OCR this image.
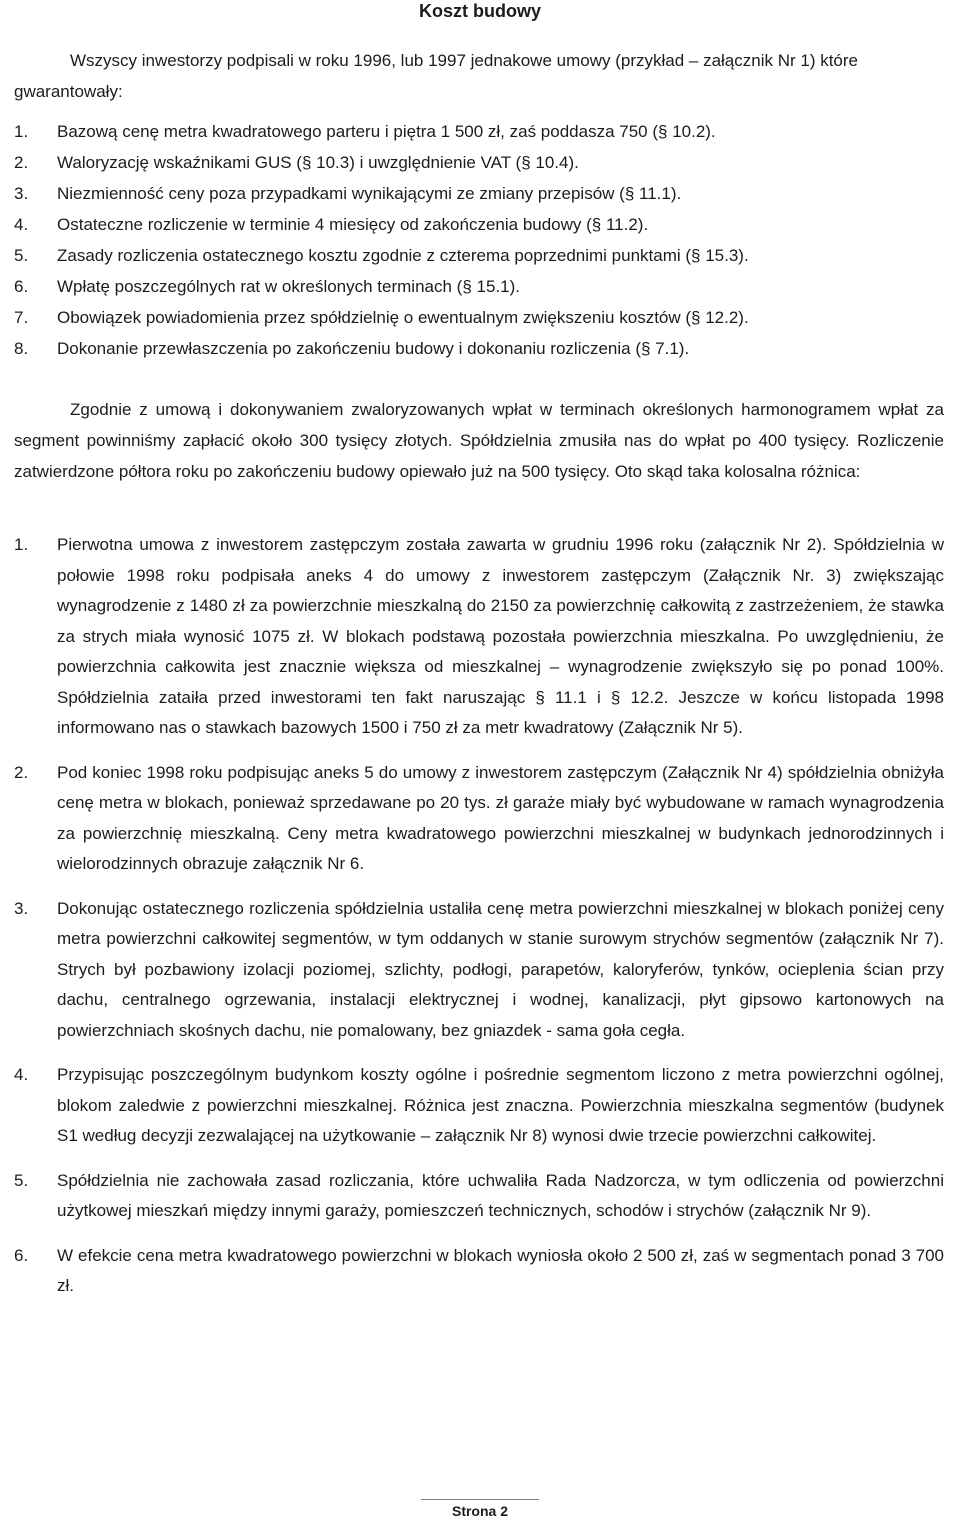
Koszt budowy

Wszyscy inwestorzy podpisali w roku 1996, lub 1997 jednakowe umowy (przykład – załącznik Nr 1) które gwarantowały:

1.	Bazową cenę metra kwadratowego parteru i piętra 1 500 zł, zaś poddasza 750 (§ 10.2).
2.	Waloryzację wskaźnikami GUS (§ 10.3) i uwzględnienie VAT (§ 10.4).
3.	Niezmienność ceny poza przypadkami wynikającymi ze zmiany przepisów (§ 11.1).
4.	Ostateczne rozliczenie w terminie 4 miesięcy od zakończenia budowy (§ 11.2).
5.	Zasady rozliczenia ostatecznego kosztu zgodnie z czterema poprzednimi punktami (§ 15.3).
6.	Wpłatę poszczególnych rat w określonych terminach (§ 15.1).
7.	Obowiązek powiadomienia przez spółdzielnię o ewentualnym zwiększeniu kosztów (§ 12.2).
8.	Dokonanie przewłaszczenia po zakończeniu budowy i dokonaniu rozliczenia (§ 7.1).

Zgodnie z umową i dokonywaniem zwaloryzowanych wpłat w terminach określonych harmonogramem wpłat za segment powinniśmy zapłacić około 300 tysięcy złotych. Spółdzielnia zmusiła nas do wpłat po 400 tysięcy. Rozliczenie zatwierdzone półtora roku po zakończeniu budowy opiewało już na 500 tysięcy. Oto skąd taka kolosalna różnica:

1.	Pierwotna umowa z inwestorem zastępczym została zawarta w grudniu 1996 roku (załącznik Nr 2). Spółdzielnia w połowie 1998 roku podpisała aneks 4 do umowy z inwestorem zastępczym (Załącznik Nr. 3) zwiększając wynagrodzenie z 1480 zł za powierzchnie mieszkalną do 2150 za powierzchnię całkowitą z zastrzeżeniem, że stawka za strych miała wynosić 1075 zł. W blokach podstawą pozostała powierzchnia mieszkalna. Po uwzględnieniu, że powierzchnia całkowita jest znacznie większa od mieszkalnej – wynagrodzenie zwiększyło się po ponad 100%. Spółdzielnia zataiła przed inwestorami ten fakt naruszając § 11.1 i § 12.2. Jeszcze w końcu listopada 1998 informowano nas o stawkach bazowych 1500 i 750 zł za metr kwadratowy (Załącznik Nr 5).
2.	Pod koniec 1998 roku podpisując aneks 5 do umowy z inwestorem zastępczym (Załącznik Nr 4) spółdzielnia obniżyła cenę metra w blokach, ponieważ sprzedawane po 20 tys. zł garaże miały być wybudowane w ramach wynagrodzenia za powierzchnię mieszkalną. Ceny metra kwadratowego powierzchni mieszkalnej w budynkach jednorodzinnych i wielorodzinnych obrazuje załącznik Nr 6.
3.	Dokonując ostatecznego rozliczenia spółdzielnia ustaliła cenę metra powierzchni mieszkalnej w blokach poniżej ceny metra powierzchni całkowitej segmentów, w tym oddanych w stanie surowym strychów segmentów (załącznik Nr 7). Strych był pozbawiony izolacji poziomej, szlichty, podłogi, parapetów, kaloryferów, tynków, ocieplenia ścian przy dachu, centralnego ogrzewania, instalacji elektrycznej i wodnej, kanalizacji, płyt gipsowo kartonowych na powierzchniach skośnych dachu, nie pomalowany, bez gniazdek - sama goła cegła.
4.	Przypisując poszczególnym budynkom koszty ogólne i pośrednie segmentom liczono z metra powierzchni ogólnej, blokom zaledwie z powierzchni mieszkalnej. Różnica jest znaczna. Powierzchnia mieszkalna segmentów (budynek S1 według decyzji zezwalającej na użytkowanie – załącznik Nr 8) wynosi dwie trzecie powierzchni całkowitej.
5.	Spółdzielnia nie zachowała zasad rozliczania, które uchwaliła Rada Nadzorcza, w tym odliczenia od powierzchni użytkowej mieszkań między innymi garaży, pomieszczeń technicznych, schodów i strychów (załącznik Nr 9).
6.	W efekcie cena metra kwadratowego powierzchni w blokach wyniosła około 2 500 zł, zaś w segmentach ponad 3 700 zł.
Strona 2
